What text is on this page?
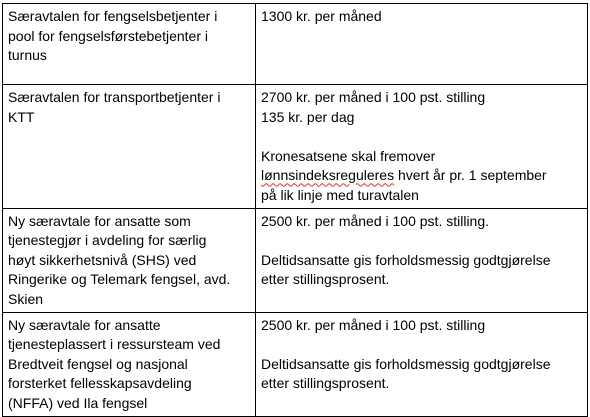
Særavtalen for fengselsbetjenter i
pool for fengselsførstebetjenter i
turnus	1300 kr. per måned

Særavtalen for transportbetjenter i
KTT	2700 kr. per måned i 100 pst. stilling
135 kr. per dag
Kronesatsene skal fremover
lønnsindeksreguleres hvert år pr. 1 september
på lik linje med turavtalen

Ny særavtale for ansatte som
tjenestegjør i avdeling for særlig
høyt sikkerhetsnivå (SHS) ved
Ringerike og Telemark fengsel, avd.
Skien	2500 kr. per måned i 100 pst. stilling.
Deltidsansatte gis forholdsmessig godtgjørelse
etter stillingsprosent.

Ny særavtale for ansatte
tjenesteplassert i ressursteam ved
Bredtveit fengsel og nasjonal
forsterket fellesskapsavdeling
(NFFA) ved Ila fengsel	2500 kr. per måned i 100 pst. stilling
Deltidsansatte gis forholdsmessig godtgjørelse
etter stillingsprosent.
